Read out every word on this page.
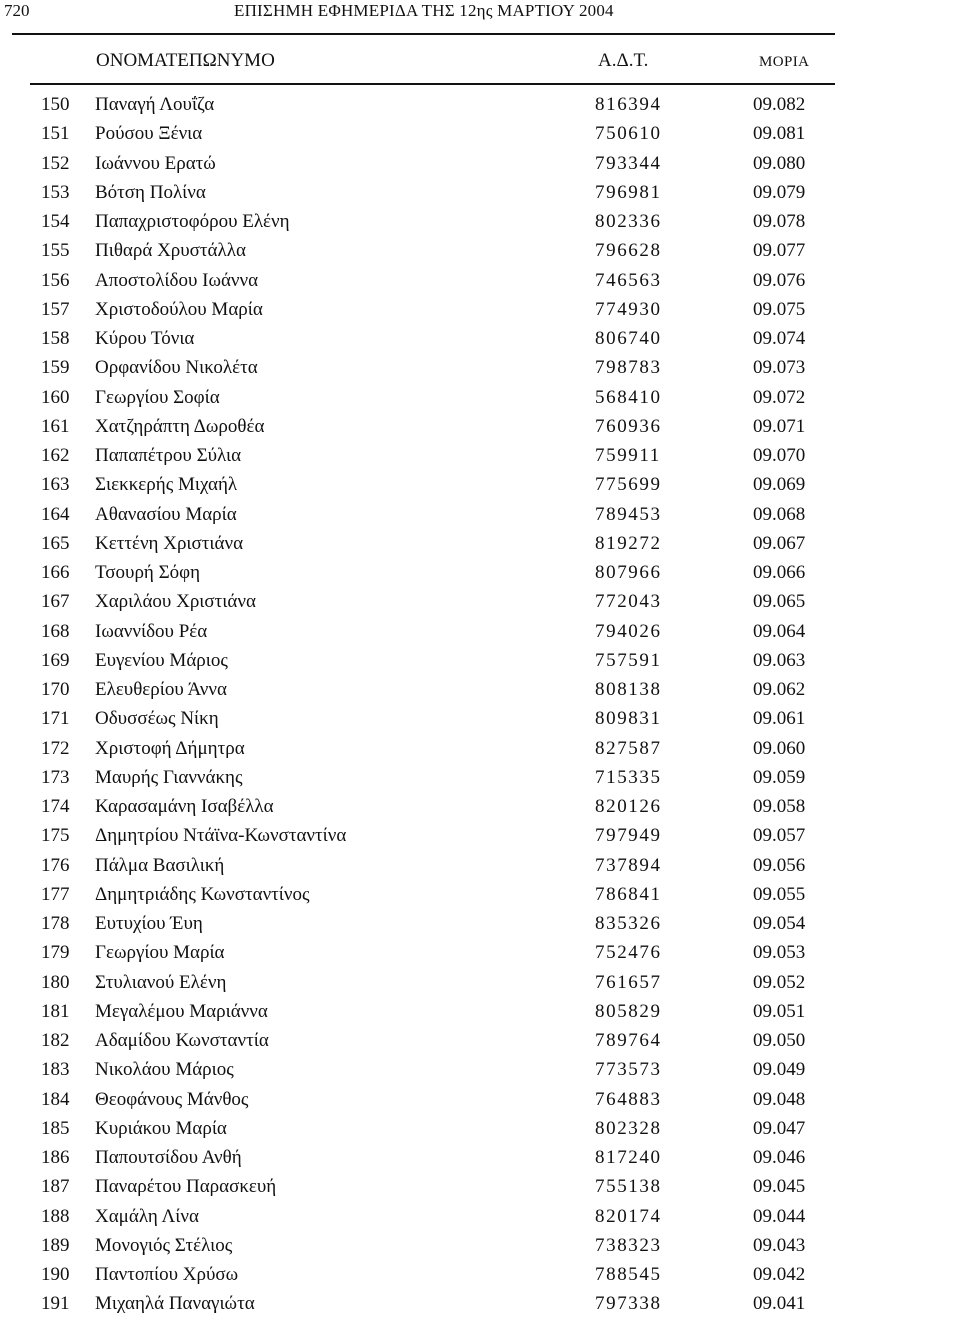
720	ΕΠΙΣΗΜΗ ΕΦΗΜΕΡΙΔΑ ΤΗΣ 12ης ΜΑΡΤΙΟΥ 2004
ΟΝΟΜΑΤΕΠΩΝΥΜΟ	Α.Δ.Τ.	ΜΟΡΙΑ
150 Παναγή Λουΐζα	816394	09.082
151 Ρούσου Ξένια	750610	09.081
152 Ιωάννου Ερατώ	793344	09.080
153 Βότση Πολίνα	796981	09.079
154 Παπαχριστοφόρου Ελένη	802336	09.078
155 Πιθαρά Χρυστάλλα	796628	09.077
156 Αποστολίδου Ιωάννα	746563	09.076
157 Χριστοδούλου Μαρία	774930	09.075
158 Κύρου Τόνια	806740	09.074
159 Ορφανίδου Νικολέτα	798783	09.073
160 Γεωργίου Σοφία	568410	09.072
161 Χατζηράπτη Δωροθέα	760936	09.071
162 Παπαπέτρου Σύλια	759911	09.070
163 Σιεκκερής Μιχαήλ	775699	09.069
164 Αθανασίου Μαρία	789453	09.068
165 Κεττένη Χριστιάνα	819272	09.067
166 Τσουρή Σόφη	807966	09.066
167 Χαριλάου Χριστιάνα	772043	09.065
168 Ιωαννίδου Ρέα	794026	09.064
169 Ευγενίου Μάριος	757591	09.063
170 Ελευθερίου Άννα	808138	09.062
171 Οδυσσέως Νίκη	809831	09.061
172 Χριστοφή Δήμητρα	827587	09.060
173 Μαυρής Γιαννάκης	715335	09.059
174 Καρασαμάνη Ισαβέλλα	820126	09.058
175 Δημητρίου Ντάϊνα-Κωνσταντίνα	797949	09.057
176 Πάλμα Βασιλική	737894	09.056
177 Δημητριάδης Κωνσταντίνος	786841	09.055
178 Ευτυχίου Έυη	835326	09.054
179 Γεωργίου Μαρία	752476	09.053
180 Στυλιανού Ελένη	761657	09.052
181 Μεγαλέμου Μαριάννα	805829	09.051
182 Αδαμίδου Κωνσταντία	789764	09.050
183 Νικολάου Μάριος	773573	09.049
184 Θεοφάνους Μάνθος	764883	09.048
185 Κυριάκου Μαρία	802328	09.047
186 Παπουτσίδου Ανθή	817240	09.046
187 Παναρέτου Παρασκευή	755138	09.045
188 Χαμάλη Λίνα	820174	09.044
189 Μονογιός Στέλιος	738323	09.043
190 Παντοπίου Χρύσω	788545	09.042
191 Μιχαηλά Παναγιώτα	797338	09.041
